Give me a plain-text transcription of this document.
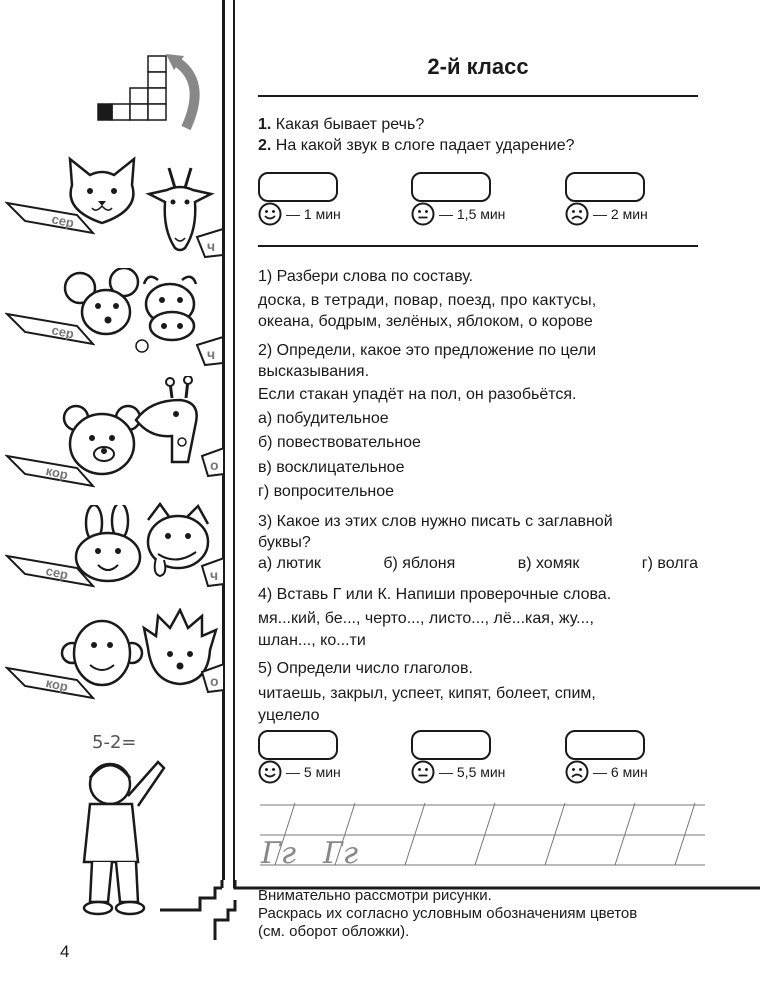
сер
ч
сер
ч
кор	о
сер	ч
кор	о
5-2=
2-й класс
1. Какая бывает речь?
2. На какой звук в слоге падает ударение?
— 1 мин	— 1,5 мин	— 2 мин
1) Разбери слова по составу.
доска, в тетради, повар, поезд, про кактусы,
океана, бодрым, зелёных, яблоком, о корове
2) Определи, какое это предложение по цели
высказывания.
Если стакан упадёт на пол, он разобьётся.
а) побудительное
б) повествовательное
в) восклицательное
г) вопросительное
3) Какое из этих слов нужно писать с заглавной
буквы?
а) лютик	б) яблоня	в) хомяк	г) волга
4) Вставь Г или К. Напиши проверочные слова.
мя...кий, бе..., черто..., листо..., лё...кая, жу...,
шлан..., ко...ти
5) Определи число глаголов.
читаешь, закрыл, успеет, кипят, болеет, спим,
уцелело
— 5 мин	— 5,5 мин	— 6 мин
Гг Гг
Внимательно рассмотри рисунки.
Раскрась их согласно условным обозначениям цветов
(см. оборот обложки).
4
